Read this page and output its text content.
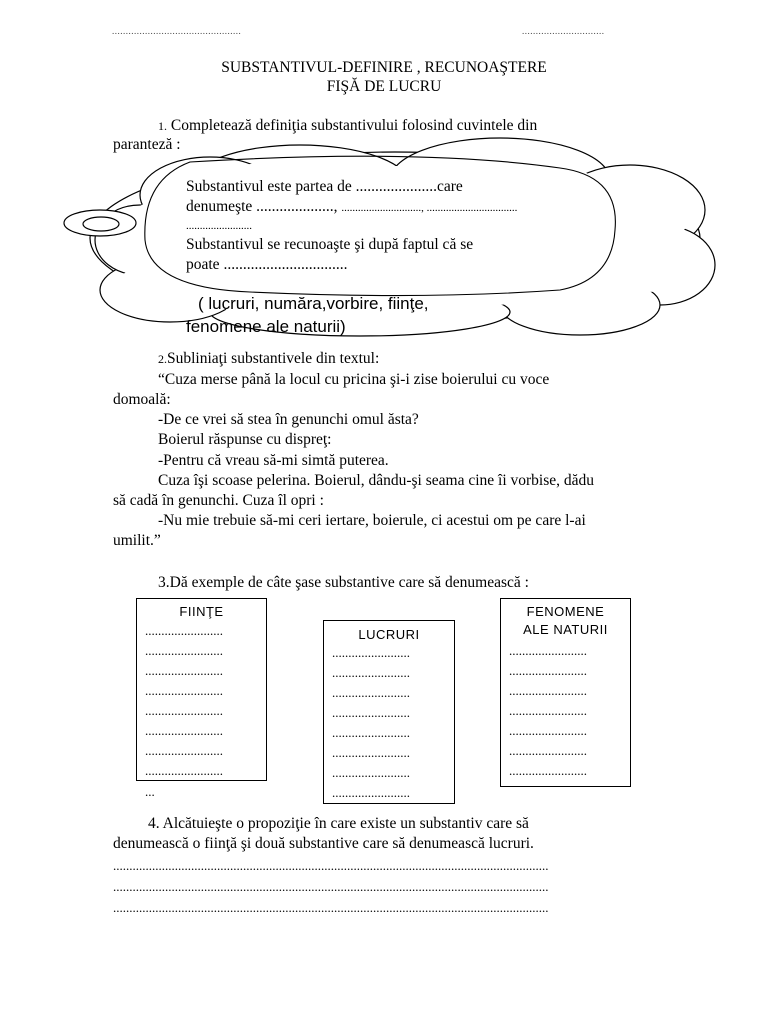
...............................................	..............................
SUBSTANTIVUL-DEFINIRE , RECUNOAŞTERE
FIŞĂ DE LUCRU
1. Completează definiţia substantivului folosind cuvintele din
paranteză :
Substantivul este partea de .....................care
denumeşte ...................., ............................., .................................
........................
Substantivul se recunoaşte şi după faptul că se
poate ................................
( lucruri, număra,vorbire, fiinţe,
fenomene ale naturii)
2.Subliniaţi substantivele din textul:
“Cuza merse până la locul cu pricina şi-i zise boierului cu voce
domoală:
-De ce vrei să stea în genunchi omul ăsta?
Boierul răspunse cu dispreţ:
-Pentru că vreau să-mi simtă puterea.
Cuza îşi scoase pelerina. Boierul, dându-şi seama cine îi vorbise, dădu
să cadă în genunchi. Cuza îl opri :
-Nu mie trebuie să-mi ceri iertare, boierule, ci acestui om pe care l-ai
umilit.”
3.Dă exemple de câte şase substantive care să denumească :
FIINŢE
........................
........................
........................
........................
........................
........................
........................
........................
...
LUCRURI
........................
........................
........................
........................
........................
........................
........................
........................
FENOMENE
ALE NATURII
........................
........................
........................
........................
........................
........................
........................
4. Alcătuieşte o propoziţie în care existe un substantiv care să
denumească o fiinţă şi două substantive care să denumească lucruri.
......................................................................................................................................
......................................................................................................................................
......................................................................................................................................
